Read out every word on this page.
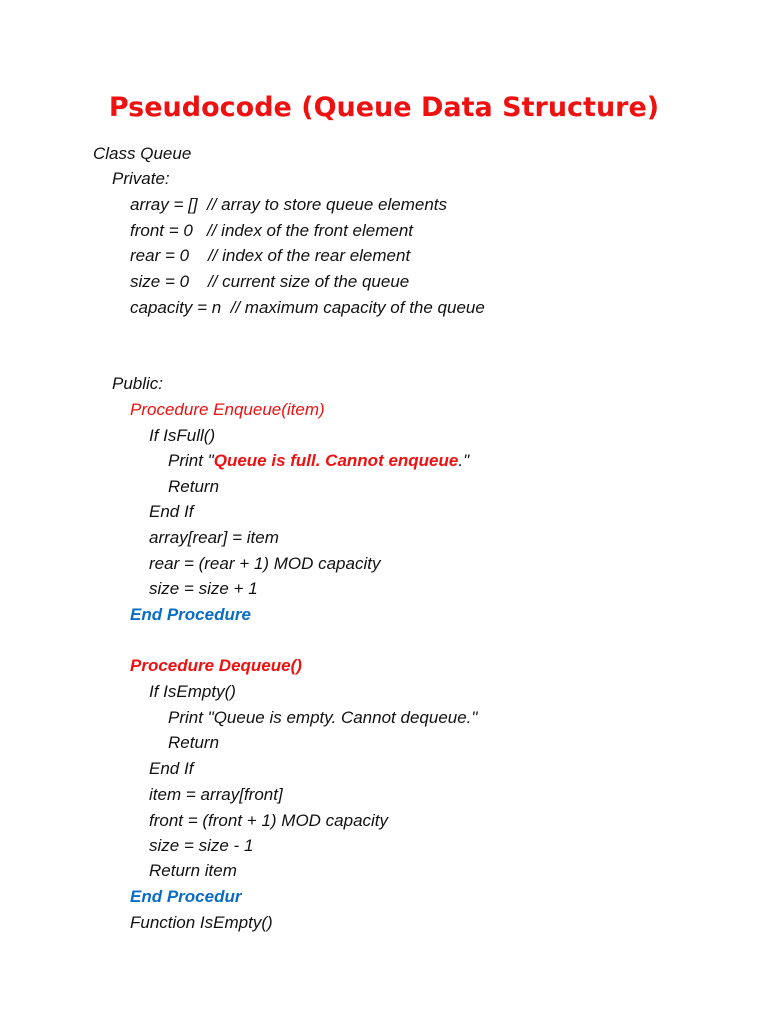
Pseudocode (Queue Data Structure)
Class Queue
Private:
array = []  // array to store queue elements
front = 0   // index of the front element
rear = 0    // index of the rear element
size = 0    // current size of the queue
capacity = n  // maximum capacity of the queue
Public:
Procedure Enqueue(item)
If IsFull()
Print "Queue is full. Cannot enqueue."
Return
End If
array[rear] = item
rear = (rear + 1) MOD capacity
size = size + 1
End Procedure
Procedure Dequeue()
If IsEmpty()
Print "Queue is empty. Cannot dequeue."
Return
End If
item = array[front]
front = (front + 1) MOD capacity
size = size - 1
Return item
End Procedur
Function IsEmpty()
